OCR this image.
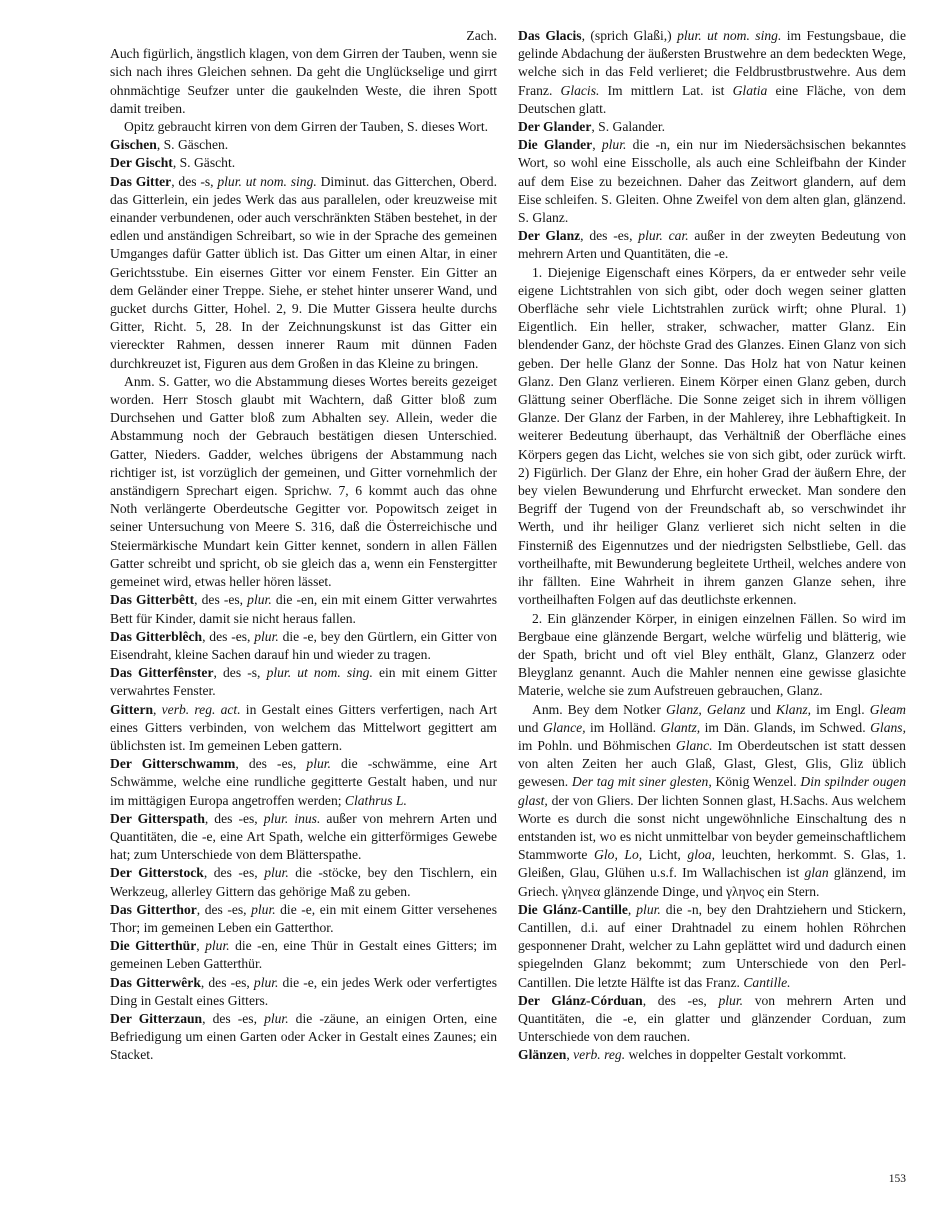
Zach.

Auch figürlich, ängstlich klagen, von dem Girren der Tauben, wenn sie sich nach ihres Gleichen sehnen. Da geht die Unglückselige und girrt ohnmächtige Seufzer unter die gaukelnden Weste, die ihren Spott damit treiben.

Opitz gebraucht kirren von dem Girren der Tauben, S. dieses Wort.

Gischen, S. Gäschen.

Der Gischt, S. Gäscht.

Das Gitter, des -s, plur. ut nom. sing. Diminut. das Gitterchen, Oberd. das Gitterlein, ein jedes Werk das aus parallelen, oder kreuzweise mit einander verbundenen, oder auch verschränkten Stäben bestehet, in der edlen und anständigen Schreibart, so wie in der Sprache des gemeinen Umganges dafür Gatter üblich ist. Das Gitter um einen Altar, in einer Gerichtsstube. Ein eisernes Gitter vor einem Fenster. Ein Gitter an dem Geländer einer Treppe. Siehe, er stehet hinter unserer Wand, und gucket durchs Gitter, Hohel. 2, 9. Die Mutter Gissera heulte durchs Gitter, Richt. 5, 28. In der Zeichnungskunst ist das Gitter ein viereckter Rahmen, dessen innerer Raum mit dünnen Faden durchkreuzet ist, Figuren aus dem Großen in das Kleine zu bringen.

Anm. S. Gatter, wo die Abstammung dieses Wortes bereits gezeiget worden. Herr Stosch glaubt mit Wachtern, daß Gitter bloß zum Durchsehen und Gatter bloß zum Abhalten sey. Allein, weder die Abstammung noch der Gebrauch bestätigen diesen Unterschied. Gatter, Nieders. Gadder, welches übrigens der Abstammung nach richtiger ist, ist vorzüglich der gemeinen, und Gitter vornehmlich der anständigern Sprechart eigen. Sprichw. 7, 6 kommt auch das ohne Noth verlängerte Oberdeutsche Gegitter vor. Popowitsch zeiget in seiner Untersuchung von Meere S. 316, daß die Österreichische und Steiermärkische Mundart kein Gitter kennet, sondern in allen Fällen Gatter schreibt und spricht, ob sie gleich das a, wenn ein Fenstergitter gemeinet wird, etwas heller hören lässet.

Das Gitterbêtt, des -es, plur. die -en, ein mit einem Gitter verwahrtes Bett für Kinder, damit sie nicht heraus fallen.

Das Gitterblêch, des -es, plur. die -e, bey den Gürtlern, ein Gitter von Eisendraht, kleine Sachen darauf hin und wieder zu tragen.

Das Gitterfênster, des -s, plur. ut nom. sing. ein mit einem Gitter verwahrtes Fenster.

Gittern, verb. reg. act. in Gestalt eines Gitters verfertigen, nach Art eines Gitters verbinden, von welchem das Mittelwort gegittert am üblichsten ist. Im gemeinen Leben gattern.

Der Gitterschwamm, des -es, plur. die -schwämme, eine Art Schwämme, welche eine rundliche gegitterte Gestalt haben, und nur im mittägigen Europa angetroffen werden; Clathrus L.

Der Gitterspath, des -es, plur. inus. außer von mehrern Arten und Quantitäten, die -e, eine Art Spath, welche ein gitterförmiges Gewebe hat; zum Unterschiede von dem Blätterspathe.

Der Gitterstock, des -es, plur. die -stöcke, bey den Tischlern, ein Werkzeug, allerley Gittern das gehörige Maß zu geben.

Das Gitterthor, des -es, plur. die -e, ein mit einem Gitter versehenes Thor; im gemeinen Leben ein Gatterthor.

Die Gitterthür, plur. die -en, eine Thür in Gestalt eines Gitters; im gemeinen Leben Gatterthür.

Das Gitterwêrk, des -es, plur. die -e, ein jedes Werk oder verfertigtes Ding in Gestalt eines Gitters.

Der Gitterzaun, des -es, plur. die -zäune, an einigen Orten, eine Befriedigung um einen Garten oder Acker in Gestalt eines Zaunes; ein Stacket.

Das Glacis, (sprich Glaßi,) plur. ut nom. sing. im Festungsbaue, die gelinde Abdachung der äußersten Brustwehre an dem bedeckten Wege, welche sich in das Feld verlieret; die Feldbrustbrustwehre. Aus dem Franz. Glacis. Im mittlern Lat. ist Glatia eine Fläche, von dem Deutschen glatt.

Der Glander, S. Galander.

Die Glander, plur. die -n, ein nur im Niedersächsischen bekanntes Wort, so wohl eine Eisscholle, als auch eine Schleifbahn der Kinder auf dem Eise zu bezeichnen. Daher das Zeitwort glandern, auf dem Eise schleifen. S. Gleiten. Ohne Zweifel von dem alten glan, glänzend. S. Glanz.

Der Glanz, des -es, plur. car. außer in der zweyten Bedeutung von mehrern Arten und Quantitäten, die -e.

1. Diejenige Eigenschaft eines Körpers, da er entweder sehr veile eigene Lichtstrahlen von sich gibt, oder doch wegen seiner glatten Oberfläche sehr viele Lichtstrahlen zurück wirft; ohne Plural. 1) Eigentlich. Ein heller, straker, schwacher, matter Glanz. Ein blendender Ganz, der höchste Grad des Glanzes. Einen Glanz von sich geben. Der helle Glanz der Sonne. Das Holz hat von Natur keinen Glanz. Den Glanz verlieren. Einem Körper einen Glanz geben, durch Glättung seiner Oberfläche. Die Sonne zeiget sich in ihrem völligen Glanze. Der Glanz der Farben, in der Mahlerey, ihre Lebhaftigkeit. In weiterer Bedeutung überhaupt, das Verhältniß der Oberfläche eines Körpers gegen das Licht, welches sie von sich gibt, oder zurück wirft. 2) Figürlich. Der Glanz der Ehre, ein hoher Grad der äußern Ehre, der bey vielen Bewunderung und Ehrfurcht erwecket. Man sondere den Begriff der Tugend von der Freundschaft ab, so verschwindet ihr Werth, und ihr heiliger Glanz verlieret sich nicht selten in die Finsterniß des Eigennutzes und der niedrigsten Selbstliebe, Gell. das vortheilhafte, mit Bewunderung begleitete Urtheil, welches andere von ihr fällten. Eine Wahrheit in ihrem ganzen Glanze sehen, ihre vortheilhaften Folgen auf das deutlichste erkennen.

2. Ein glänzender Körper, in einigen einzelnen Fällen. So wird im Bergbaue eine glänzende Bergart, welche würfelig und blätterig, wie der Spath, bricht und oft viel Bley enthält, Glanz, Glanzerz oder Bleyglanz genannt. Auch die Mahler nennen eine gewisse glasichte Materie, welche sie zum Aufstreuen gebrauchen, Glanz.

Anm. Bey dem Notker Glanz, Gelanz und Klanz, im Engl. Gleam und Glance, im Holländ. Glantz, im Dän. Glands, im Schwed. Glans, im Pohln. und Böhmischen Glanc. Im Oberdeutschen ist statt dessen von alten Zeiten her auch Glaß, Glast, Glest, Glis, Gliz üblich gewesen. Der tag mit siner glesten, König Wenzel. Din spilnder ougen glast, der von Gliers. Der lichten Sonnen glast, H.Sachs. Aus welchem Worte es durch die sonst nicht ungewöhnliche Einschaltung des n entstanden ist, wo es nicht unmittelbar von beyder gemeinschaftlichem Stammworte Glo, Lo, Licht, gloa, leuchten, herkommt. S. Glas, 1. Gleißen, Glau, Glühen u.s.f. Im Wallachischen ist glan glänzend, im Griech. γληνεα glänzende Dinge, und γληνος ein Stern.

Die Glánz-Cantille, plur. die -n, bey den Drahtziehern und Stickern, Cantillen, d.i. auf einer Drahtnadel zu einem hohlen Röhrchen gesponnener Draht, welcher zu Lahn geplättet wird und dadurch einen spiegelnden Glanz bekommt; zum Unterschiede von den Perl-Cantillen. Die letzte Hälfte ist das Franz. Cantille.

Der Glánz-Córduan, des -es, plur. von mehrern Arten und Quantitäten, die -e, ein glatter und glänzender Corduan, zum Unterschiede von dem rauchen.

Glänzen, verb. reg. welches in doppelter Gestalt vorkommt.

153
